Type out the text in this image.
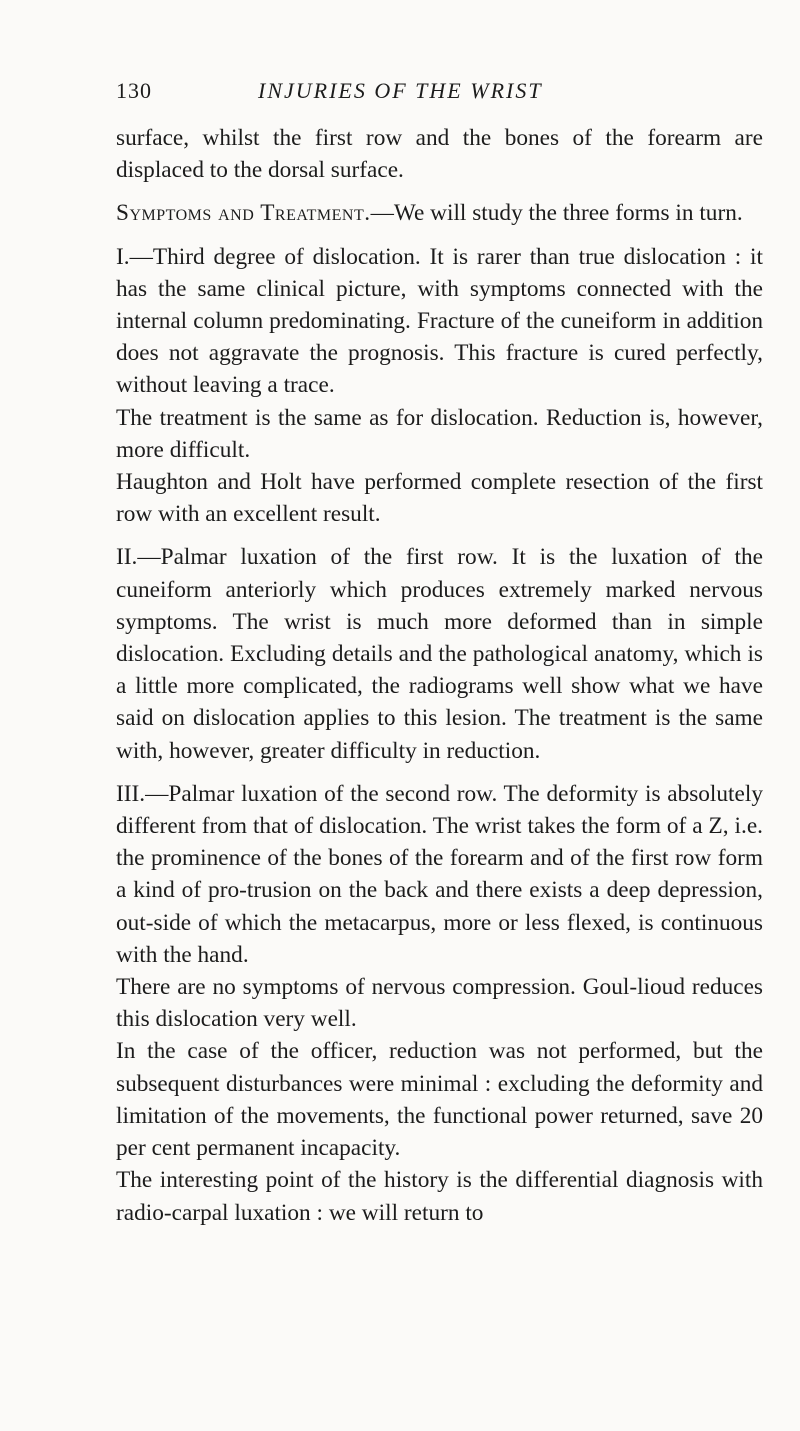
130	INJURIES OF THE WRIST

surface, whilst the first row and the bones of the forearm are displaced to the dorsal surface.

Symptoms and Treatment.—We will study the three forms in turn.

I.—Third degree of dislocation. It is rarer than true dislocation : it has the same clinical picture, with symptoms connected with the internal column predominating. Fracture of the cuneiform in addition does not aggravate the prognosis. This fracture is cured perfectly, without leaving a trace.

The treatment is the same as for dislocation. Reduction is, however, more difficult.

Haughton and Holt have performed complete resection of the first row with an excellent result.

II.—Palmar luxation of the first row. It is the luxation of the cuneiform anteriorly which produces extremely marked nervous symptoms. The wrist is much more deformed than in simple dislocation. Excluding details and the pathological anatomy, which is a little more complicated, the radiograms well show what we have said on dislocation applies to this lesion. The treatment is the same with, however, greater difficulty in reduction.

III.—Palmar luxation of the second row. The deformity is absolutely different from that of dislocation. The wrist takes the form of a Z, i.e. the prominence of the bones of the forearm and of the first row form a kind of pro-trusion on the back and there exists a deep depression, out-side of which the metacarpus, more or less flexed, is continuous with the hand.

There are no symptoms of nervous compression. Goul-lioud reduces this dislocation very well.

In the case of the officer, reduction was not performed, but the subsequent disturbances were minimal : excluding the deformity and limitation of the movements, the functional power returned, save 20 per cent permanent incapacity.

The interesting point of the history is the differential diagnosis with radio-carpal luxation : we will return to
